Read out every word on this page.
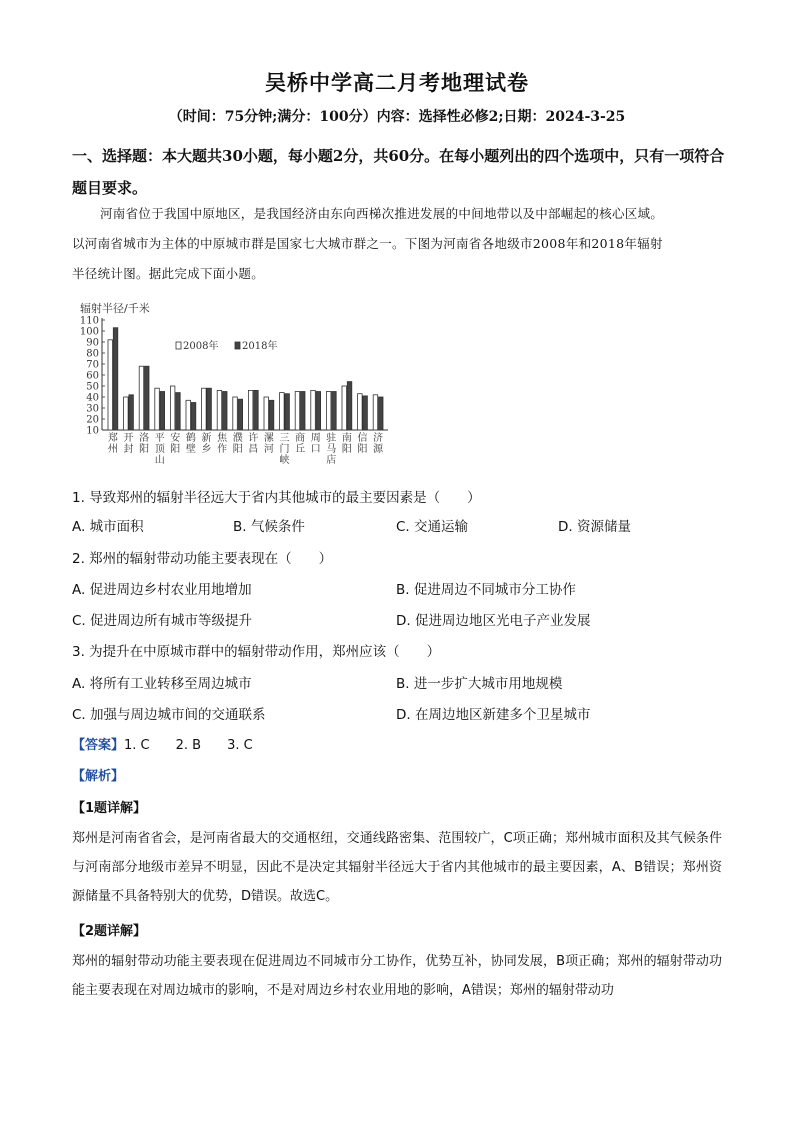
吴桥中学高二月考地理试卷
（时间：75分钟;满分：100分）内容：选择性必修2;日期：2024-3-25
一、选择题：本大题共30小题，每小题2分，共60分。在每小题列出的四个选项中，只有一项符合题目要求。
河南省位于我国中原地区，是我国经济由东向西梯次推进发展的中间地带以及中部崛起的核心区域。
以河南省城市为主体的中原城市群是国家七大城市群之一。下图为河南省各地级市2008年和2018年辐射
半径统计图。据此完成下面小题。
辐射半径/千米
10
20
30
40
50
60
70
80
90
100
110
郑
州
开
封
洛
阳
平
顶
山
安
阳
鹤
壁
新
乡
焦
作
濮
阳
许
昌
漯
河
三
门
峡
商
丘
周
口
驻
马
店
南
阳
信
阳
济
源
2008年 2018年
1. 导致郑州的辐射半径远大于省内其他城市的最主要因素是（　　）
A. 城市面积	B. 气候条件	C. 交通运输	D. 资源储量
2. 郑州的辐射带动功能主要表现在（　　）
A. 促进周边乡村农业用地增加	B. 促进周边不同城市分工协作
C. 促进周边所有城市等级提升	D. 促进周边地区光电子产业发展
3. 为提升在中原城市群中的辐射带动作用，郑州应该（　　）
A. 将所有工业转移至周边城市	B. 进一步扩大城市用地规模
C. 加强与周边城市间的交通联系	D. 在周边地区新建多个卫星城市
【答案】1. C　　2. B　　3. C
【解析】
【1题详解】
郑州是河南省省会，是河南省最大的交通枢纽，交通线路密集、范围较广，C项正确；郑州城市面积及其气候条件与河南部分地级市差异不明显，因此不是决定其辐射半径远大于省内其他城市的最主要因素，A、B错误；郑州资源储量不具备特别大的优势，D错误。故选C。
【2题详解】
郑州的辐射带动功能主要表现在促进周边不同城市分工协作，优势互补，协同发展，B项正确；郑州的辐射带动功能主要表现在对周边城市的影响，不是对周边乡村农业用地的影响，A错误；郑州的辐射带动功
